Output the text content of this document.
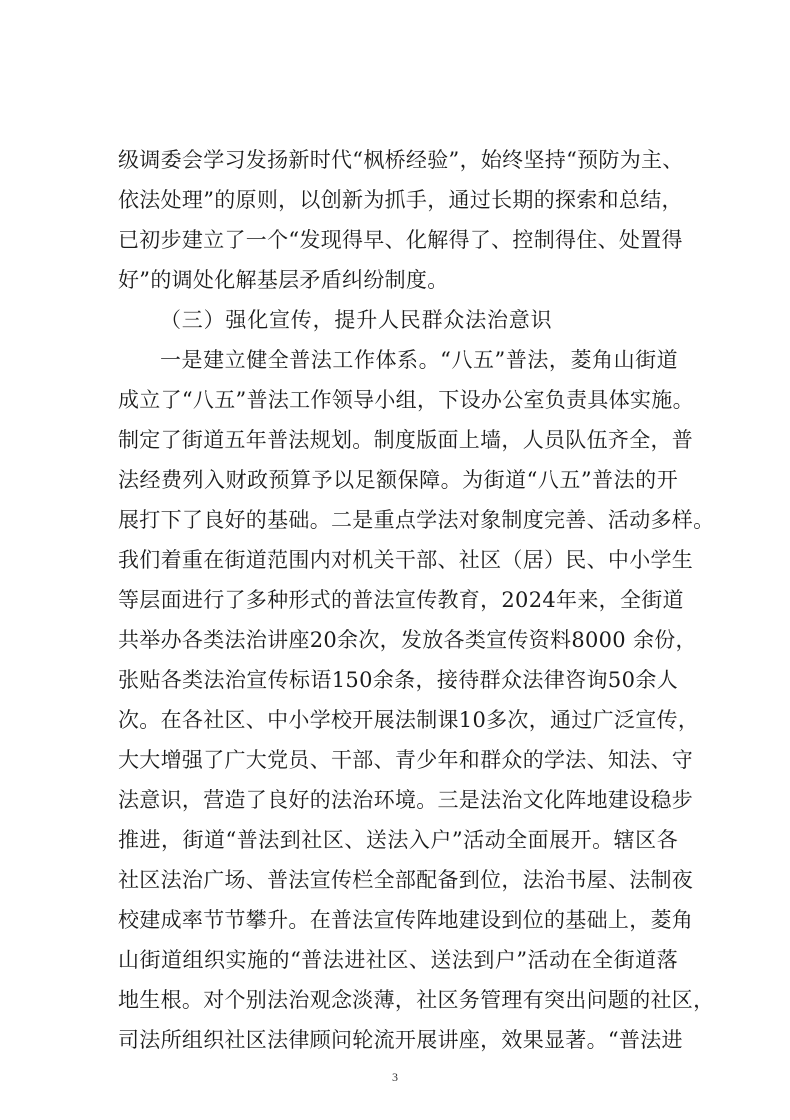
级调委会学习发扬新时代“枫桥经验”，始终坚持“预防为主、
依法处理”的原则，以创新为抓手，通过长期的探索和总结，
已初步建立了一个“发现得早、化解得了、控制得住、处置得
好”的调处化解基层矛盾纠纷制度。
（三）强化宣传，提升人民群众法治意识
一是建立健全普法工作体系。“八五”普法，菱角山街道
成立了“八五”普法工作领导小组，下设办公室负责具体实施。
制定了街道五年普法规划。制度版面上墙，人员队伍齐全，普
法经费列入财政预算予以足额保障。为街道“八五”普法的开
展打下了良好的基础。二是重点学法对象制度完善、活动多样。
我们着重在街道范围内对机关干部、社区（居）民、中小学生
等层面进行了多种形式的普法宣传教育，2024年来，全街道
共举办各类法治讲座20余次，发放各类宣传资料8000 余份，
张贴各类法治宣传标语150余条，接待群众法律咨询50余人
次。在各社区、中小学校开展法制课10多次，通过广泛宣传，
大大增强了广大党员、干部、青少年和群众的学法、知法、守
法意识，营造了良好的法治环境。三是法治文化阵地建设稳步
推进，街道“普法到社区、送法入户”活动全面展开。辖区各
社区法治广场、普法宣传栏全部配备到位，法治书屋、法制夜
校建成率节节攀升。在普法宣传阵地建设到位的基础上，菱角
山街道组织实施的“普法进社区、送法到户”活动在全街道落
地生根。对个别法治观念淡薄，社区务管理有突出问题的社区，
司法所组织社区法律顾问轮流开展讲座，效果显著。“普法进
3
